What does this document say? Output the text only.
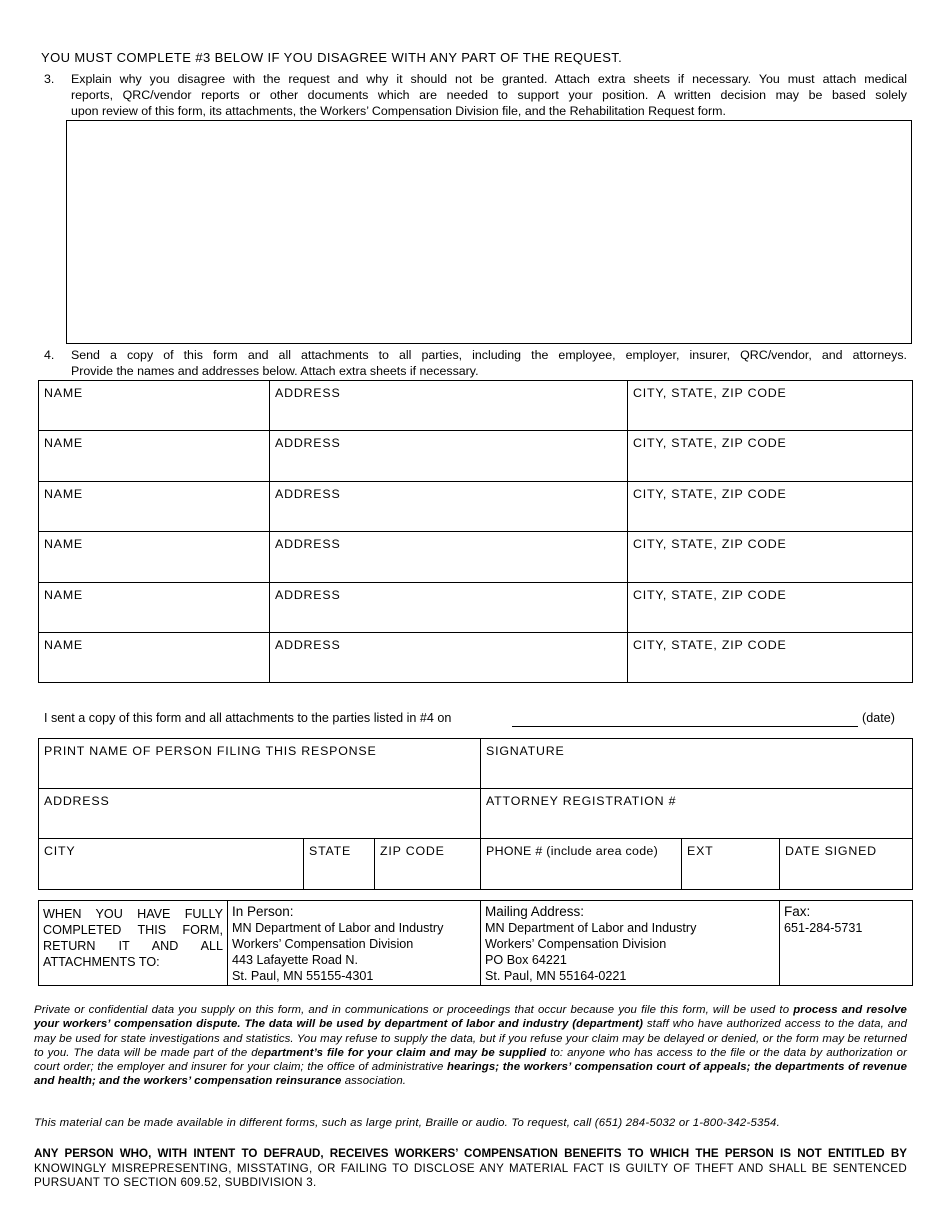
YOU MUST COMPLETE #3 BELOW IF YOU DISAGREE WITH ANY PART OF THE REQUEST.
3. Explain why you disagree with the request and why it should not be granted. Attach extra sheets if necessary. You must attach medical
reports, QRC/vendor reports or other documents which are needed to support your position. A written decision may be based solely
upon review of this form, its attachments, the Workers’ Compensation Division file, and the Rehabilitation Request form.
4. Send a copy of this form and all attachments to all parties, including the employee, employer, insurer, QRC/vendor, and attorneys.
Provide the names and addresses below. Attach extra sheets if necessary.
NAME	ADDRESS	CITY, STATE, ZIP CODE
NAME	ADDRESS	CITY, STATE, ZIP CODE
NAME	ADDRESS	CITY, STATE, ZIP CODE
NAME	ADDRESS	CITY, STATE, ZIP CODE
NAME	ADDRESS	CITY, STATE, ZIP CODE
NAME	ADDRESS	CITY, STATE, ZIP CODE
I sent a copy of this form and all attachments to the parties listed in #4 on	(date)
PRINT NAME OF PERSON FILING THIS RESPONSE			SIGNATURE		
ADDRESS			ATTORNEY REGISTRATION #		
CITY	STATE	ZIP CODE	PHONE # (include area code)	EXT	DATE SIGNED
WHEN YOU HAVE FULLY
COMPLETED THIS FORM,
RETURN IT AND ALL
ATTACHMENTS TO:

In Person:
MN Department of Labor and Industry
Workers’ Compensation Division
443 Lafayette Road N.
St. Paul, MN 55155-4301

Mailing Address:
MN Department of Labor and Industry
Workers’ Compensation Division
PO Box 64221
St. Paul, MN 55164-0221

Fax:
651-284-5731
Private or confidential data you supply on this form, and in communications or proceedings that occur because you file this form, will be used to process and resolve your workers’ compensation dispute. The data will be used by department of labor and industry (department) staff who have authorized access to the data, and may be used for state investigations and statistics. You may refuse to supply the data, but if you refuse your claim may be delayed or denied, or the form may be returned to you. The data will be made part of the department’s file for your claim and may be supplied to: anyone who has access to the file or the data by authorization or court order; the employer and insurer for your claim; the office of administrative hearings; the workers’ compensation court of appeals; the departments of revenue and health; and the workers’ compensation reinsurance association.
This material can be made available in different forms, such as large print, Braille or audio. To request, call (651) 284-5032 or 1-800-342-5354.
ANY PERSON WHO, WITH INTENT TO DEFRAUD, RECEIVES WORKERS’ COMPENSATION BENEFITS TO WHICH THE PERSON IS NOT ENTITLED BY KNOWINGLY MISREPRESENTING, MISSTATING, OR FAILING TO DISCLOSE ANY MATERIAL FACT IS GUILTY OF THEFT AND SHALL BE SENTENCED PURSUANT TO SECTION 609.52, SUBDIVISION 3.
